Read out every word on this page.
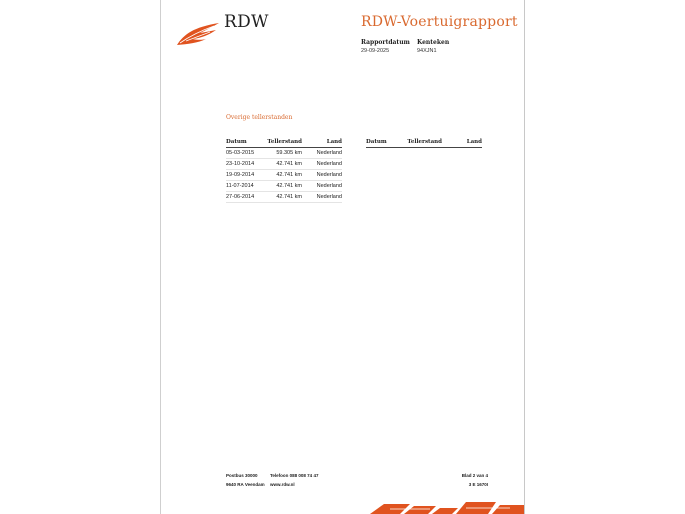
RDW	RDW-Voertuigrapport
Rapportdatum Kenteken
29-09-2025	94XJN1
Overige tellerstanden
Datum	Tellerstand	Land
05-03-2015	59.305 km	Nederland
23-10-2014	42.741 km	Nederland
19-09-2014	42.741 km	Nederland
11-07-2014	42.741 km	Nederland
27-06-2014	42.741 km	Nederland
Datum	Tellerstand	Land
Postbus 30000
9640 RA Veendam
Telefoon 088 008 74 47
www.rdw.nl
Blad 2 van 4
3 E 1670I
